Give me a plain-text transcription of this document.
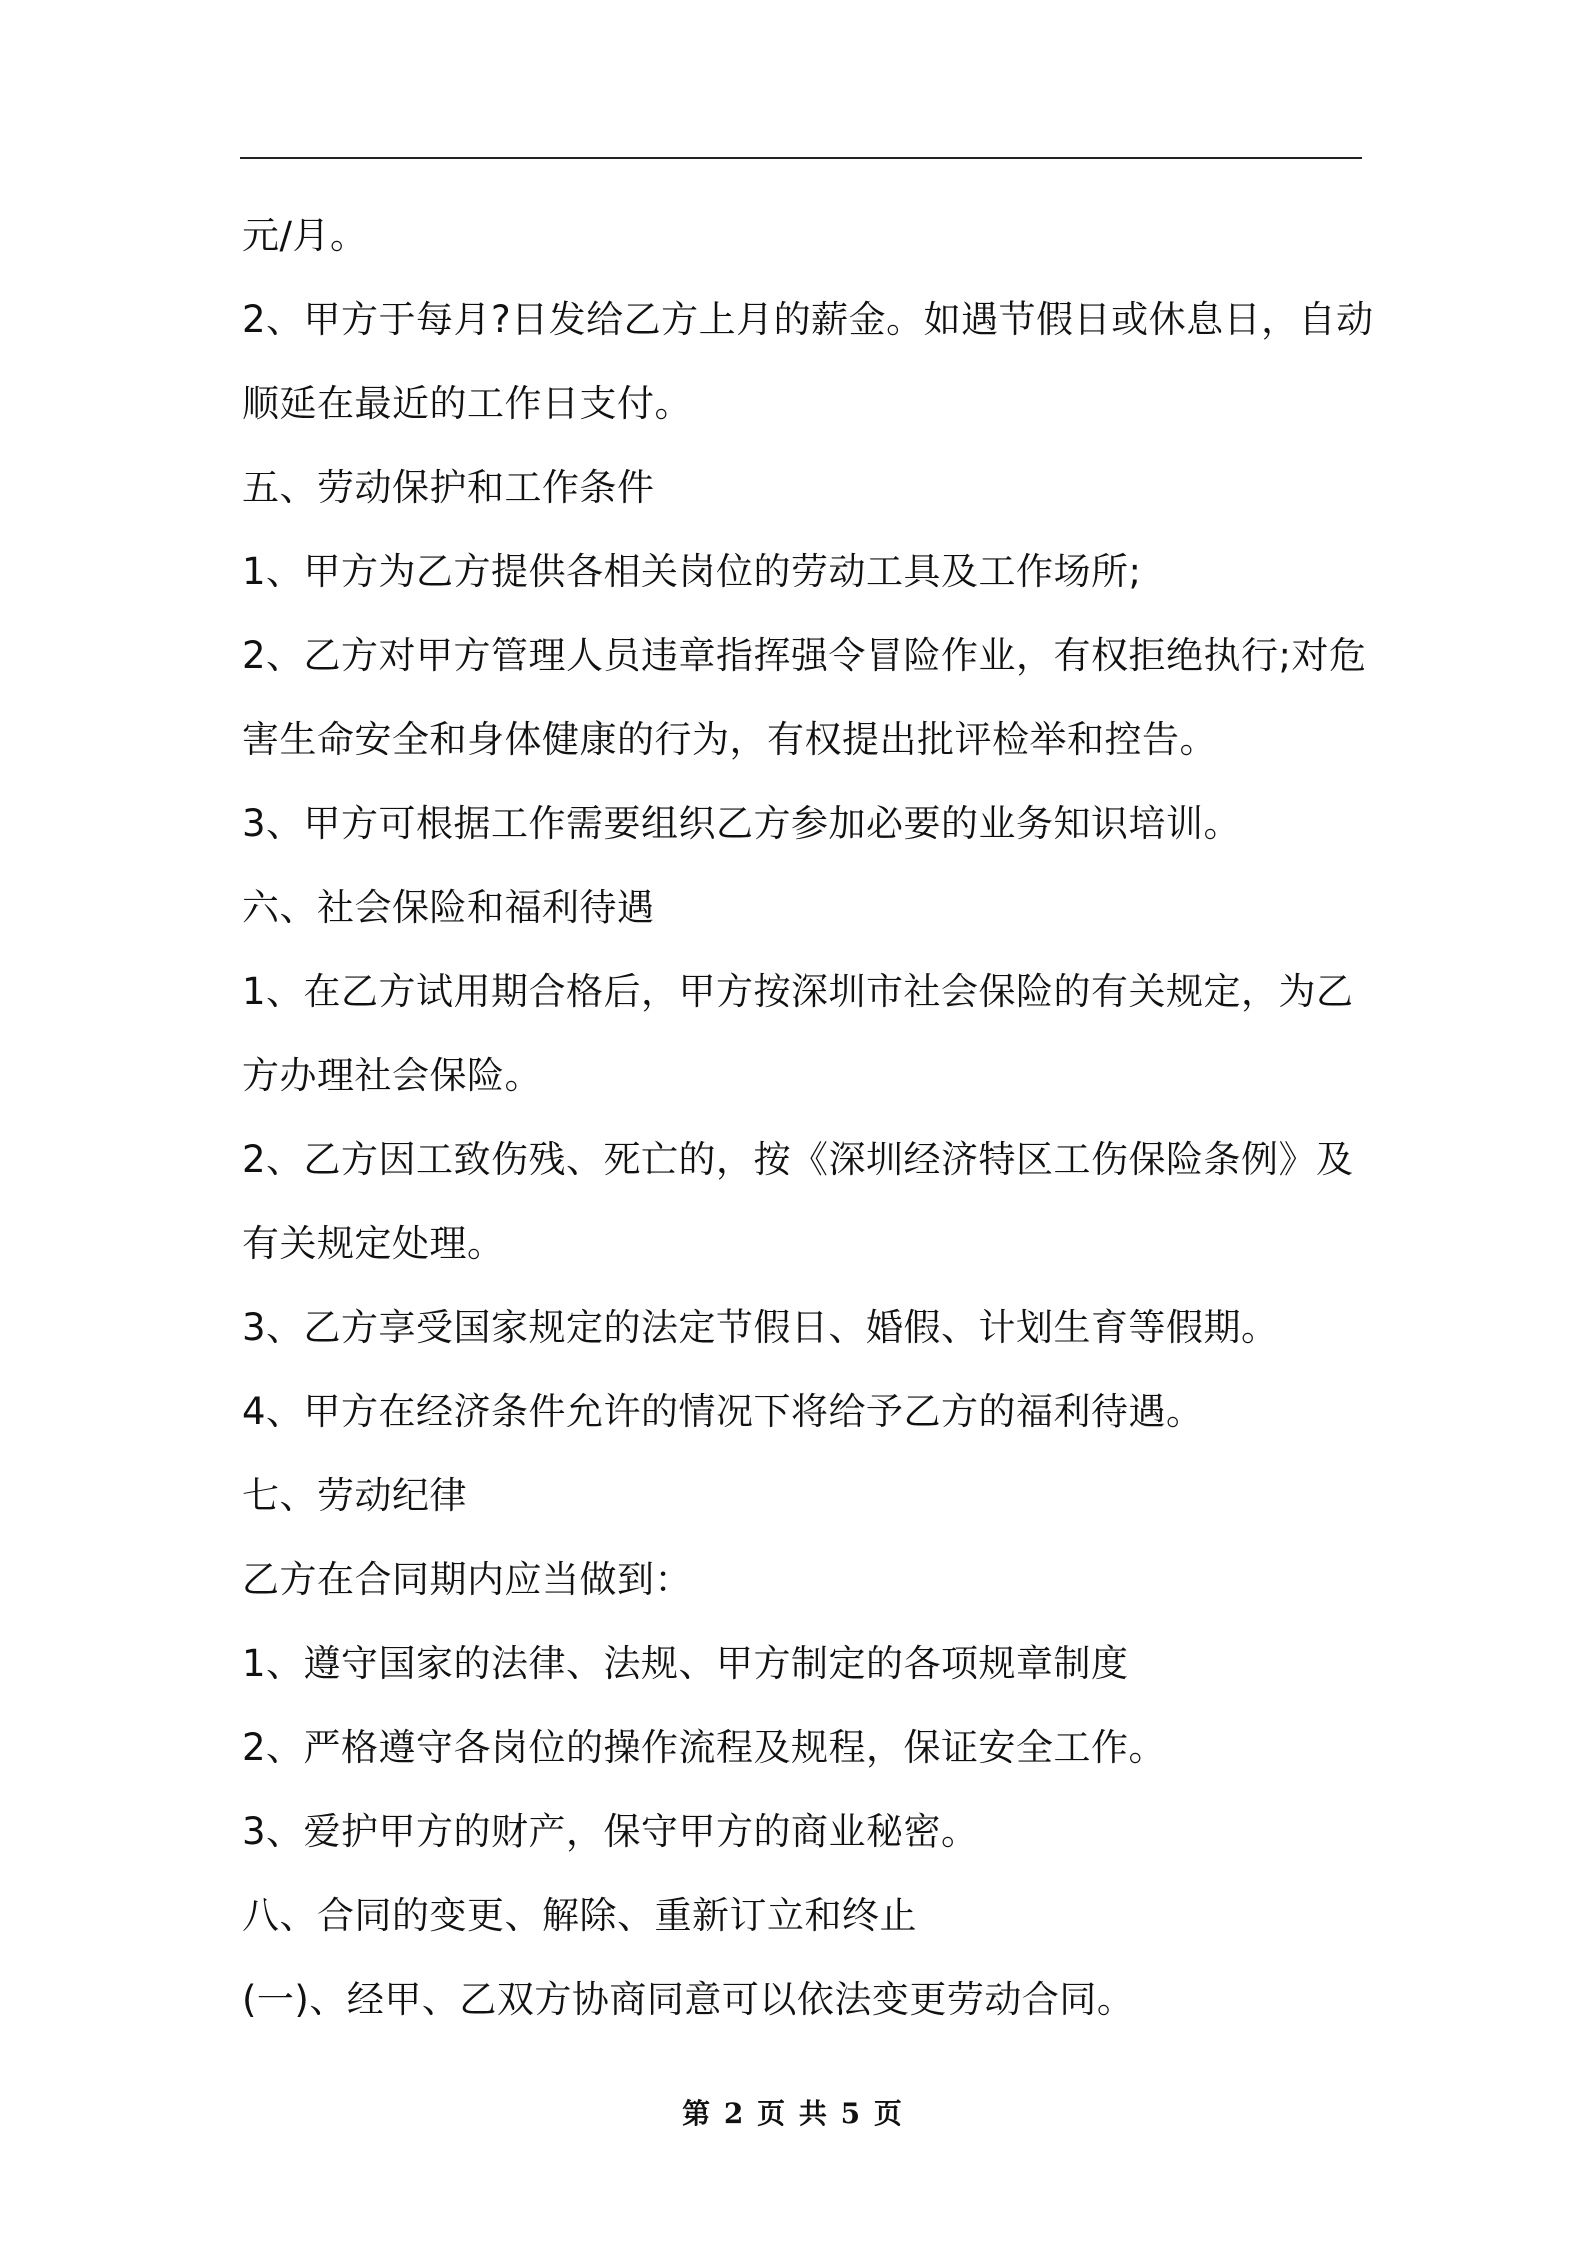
元/月。

2、甲方于每月?日发给乙方上月的薪金。如遇节假日或休息日，自动

顺延在最近的工作日支付。

五、劳动保护和工作条件

1、甲方为乙方提供各相关岗位的劳动工具及工作场所;

2、乙方对甲方管理人员违章指挥强令冒险作业，有权拒绝执行;对危

害生命安全和身体健康的行为，有权提出批评检举和控告。

3、甲方可根据工作需要组织乙方参加必要的业务知识培训。

六、社会保险和福利待遇

1、在乙方试用期合格后，甲方按深圳市社会保险的有关规定，为乙

方办理社会保险。

2、乙方因工致伤残、死亡的，按《深圳经济特区工伤保险条例》及

有关规定处理。

3、乙方享受国家规定的法定节假日、婚假、计划生育等假期。

4、甲方在经济条件允许的情况下将给予乙方的福利待遇。

七、劳动纪律

乙方在合同期内应当做到：

1、遵守国家的法律、法规、甲方制定的各项规章制度

2、严格遵守各岗位的操作流程及规程，保证安全工作。

3、爱护甲方的财产，保守甲方的商业秘密。

八、合同的变更、解除、重新订立和终止

(一)、经甲、乙双方协商同意可以依法变更劳动合同。

第 2 页 共 5 页
